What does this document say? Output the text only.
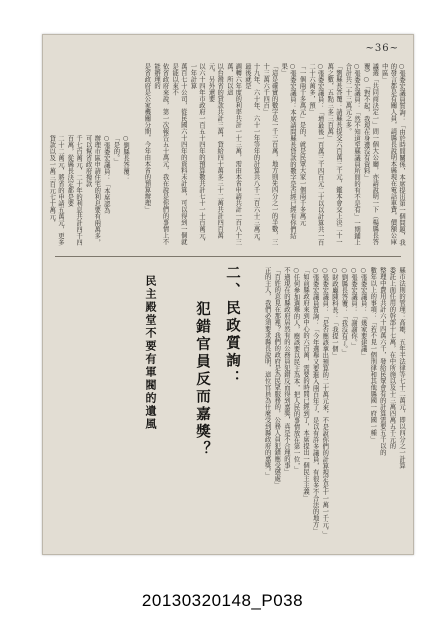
~36~

○張委宏議員質詢：「由於時間關係，本席提出第一個問題，我的發言都是有關人員，請縣長說明本縣現在電話車費，價額公庫中區」

議選「共同商決定一」問一個大公廳，亦請說明一下（楊縣長答覆）○「對不起，我現在身邊沒有資料」

○張委宏議員：「然不知道至縣議員所問的有不是有」一期鋪上合計共二十三萬元之多。

「劉縣長答覆：請縣長提交六百萬三千元，鑑本會交上決二十一萬之數，五點三多三百萬」

○張委宏議員：「增最後一百萬三千四百元二十以以計算共一百二十六萬多，預」

「一個兩千多萬元」是的，就是民眾大家一個兩千多萬元

○張委宏議員：本席請問縣長貸款的數字是否經已經有你們結果」

「這是確實的數字是一千三百萬，地方則先四分之一的半數，三十三萬六千四百」

十九年、六十年、六十一年等年的計算共八千二百六十三萬元，最後就是

調轉六年度的利率共計一十三萬，需由本省申請共計一百八十三萬，所以這

以台灣省的貸款共計三萬，貸給四十萬多三十二萬共計四百萬元，另外還要

以六十四年市政府一百五十四年的預算數共計七十一十百萬元，一年計算

萬百七十公司，從民國六十四年的資料未計算，可以得到一個就是能以來不

依省政府來說，第一次報告五十萬元，我在說是你們的事情上不能辦理的

是省政府是公家機關分期，今年由本省的預算辦理」

○劉縣長答覆：

「是的。」

○張委宏議員：「本席認為

辦理市區申請住宅的利息要有兩萬多，可以幫省政府撥款

千七百萬元，二十年的利息共計四千四百萬，從縣長決定都是要

二十二萬元，將省的申請五萬元，更多貸款以及一萬三百元七十萬元，

二、民政質詢：
犯錯官員反而嘉獎？
民主殿堂不要有軍閥的遺風	縣市法則的管理：高雄、五年半法律等七十二萬元，即以四分之一計算

委託上面任用的幹部十七萬，在中所施以及十三萬四萬五千元的

整理中費用共計六十四萬六千，發給民眾會有的計算需要五千以的

數年以上的事項：「若不見一個刑律和其他縣國一府國一種」

○張委宏議員：「幾家要建議」

○張委宏議員：「謝謝你。」

○劉縣長答覆：「我沒有了。」

○財政廳陳科長：「我提一個」

○張委宏議員：「是否應該拿出預算的二十萬元來，不是說你們的計算規定是十一萬一千元，」

○張委宏議員質詢：「今年選舉又要進入兩百年了，是以有許多議員，有很多不合法的地方」

「如前縣政府來到中心的六百萬，需要的時間已經到了，本席提出一個民主主義」

○任何參加選舉的人，應該要以民主為本，把人民的事情放在第一位，」

不過現在的縣政府居然有的公務員犯錯反而得到嘉獎，真是不合理的事」

「百姓的意見在那裡？我們的政府是為民眾服務的，公務人員犯錯應受懲處」

正的主人，我們必須要求縣長說明，這位官員為什麼受到縣政府的嘉獎。」

20130320148_P038
